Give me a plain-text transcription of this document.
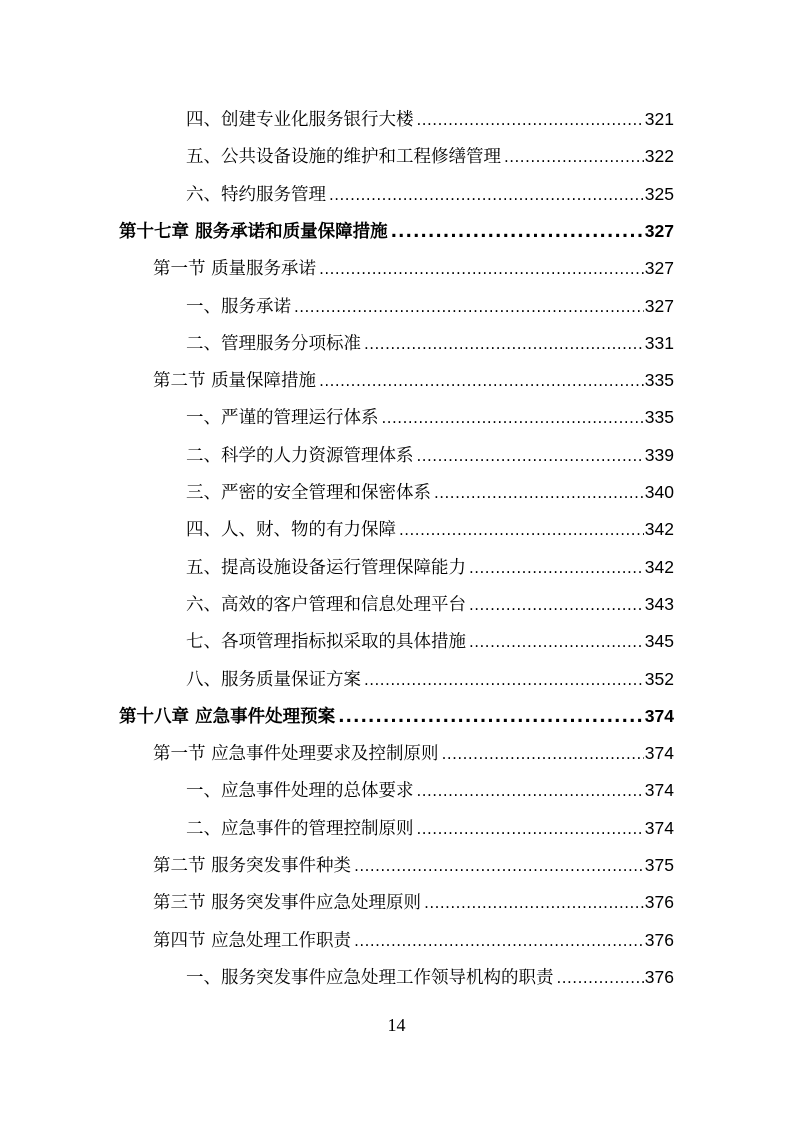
四、创建专业化服务银行大楼 .....	321
五、公共设备设施的维护和工程修缮管理 .....	322
六、特约服务管理 .....	325
第十七章 服务承诺和质量保障措施 .....	327
第一节 质量服务承诺 .....	327
一、服务承诺 .....	327
二、管理服务分项标准 .....	331
第二节 质量保障措施 .....	335
一、严谨的管理运行体系 .....	335
二、科学的人力资源管理体系 .....	339
三、严密的安全管理和保密体系 .....	340
四、人、财、物的有力保障 .....	342
五、提高设施设备运行管理保障能力 .....	342
六、高效的客户管理和信息处理平台 .....	343
七、各项管理指标拟采取的具体措施 .....	345
八、服务质量保证方案 .....	352
第十八章 应急事件处理预案 .....	374
第一节 应急事件处理要求及控制原则 .....	374
一、应急事件处理的总体要求 .....	374
二、应急事件的管理控制原则 .....	374
第二节 服务突发事件种类 .....	375
第三节 服务突发事件应急处理原则 .....	376
第四节 应急处理工作职责 .....	376
一、服务突发事件应急处理工作领导机构的职责 .....	376
14
